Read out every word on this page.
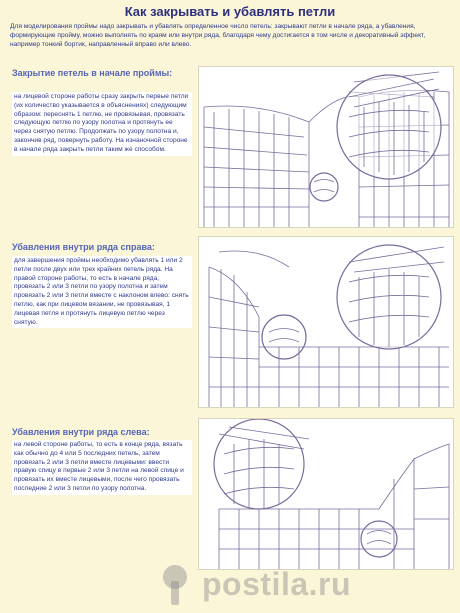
Как закрывать и убавлять петли
Для моделирования проймы надо закрывать и убавлять определенное число петель: закрывают петли в начале ряда, а убавления, формирующие пройму, можно выполнять по краям или внутри ряда, благодаря чему достигается в том числе и декоративный эффект, например тонкий бортик, направленный вправо или влево.
Закрытие петель в начале проймы:
на лицевой стороне работы сразу закрыть первые петли (их количество указывается в объяснениях) следующим образом: переснять 1 петлю, не провязывая, провязать следующую петлю по узору полотна и протянуть ее через снятую петлю. Продолжать по узору полотна и, закончив ряд, повернуть работу. На изнаночной стороне в начале ряда закрыть петли таким же способом.
Убавления внутри ряда справа:
для завершения проймы необходимо убавлять 1 или 2 петли после двух или трех крайних петель ряда. На правой стороне работы, то есть в начале ряда, провязать 2 или 3 петли по узору полотна и затем провязать 2 или 3 петли вместе с наклоном влево: снять петлю, как при лицевом вязании, не провязывая, 1 лицевая петля и протянуть лицевую петлю через снятую.
Убавления внутри ряда слева:
на левой стороне работы, то есть в конце ряда, вязать как обычно до 4 или 5 последних петель, затем провязать 2 или 3 петли вместе лицевыми: ввести правую спицу в первые 2 или 3 петли на левой спице и провязать их вместе лицевыми, после чего провязать последние 2 или 3 петли по узору полотна.
postila.ru
